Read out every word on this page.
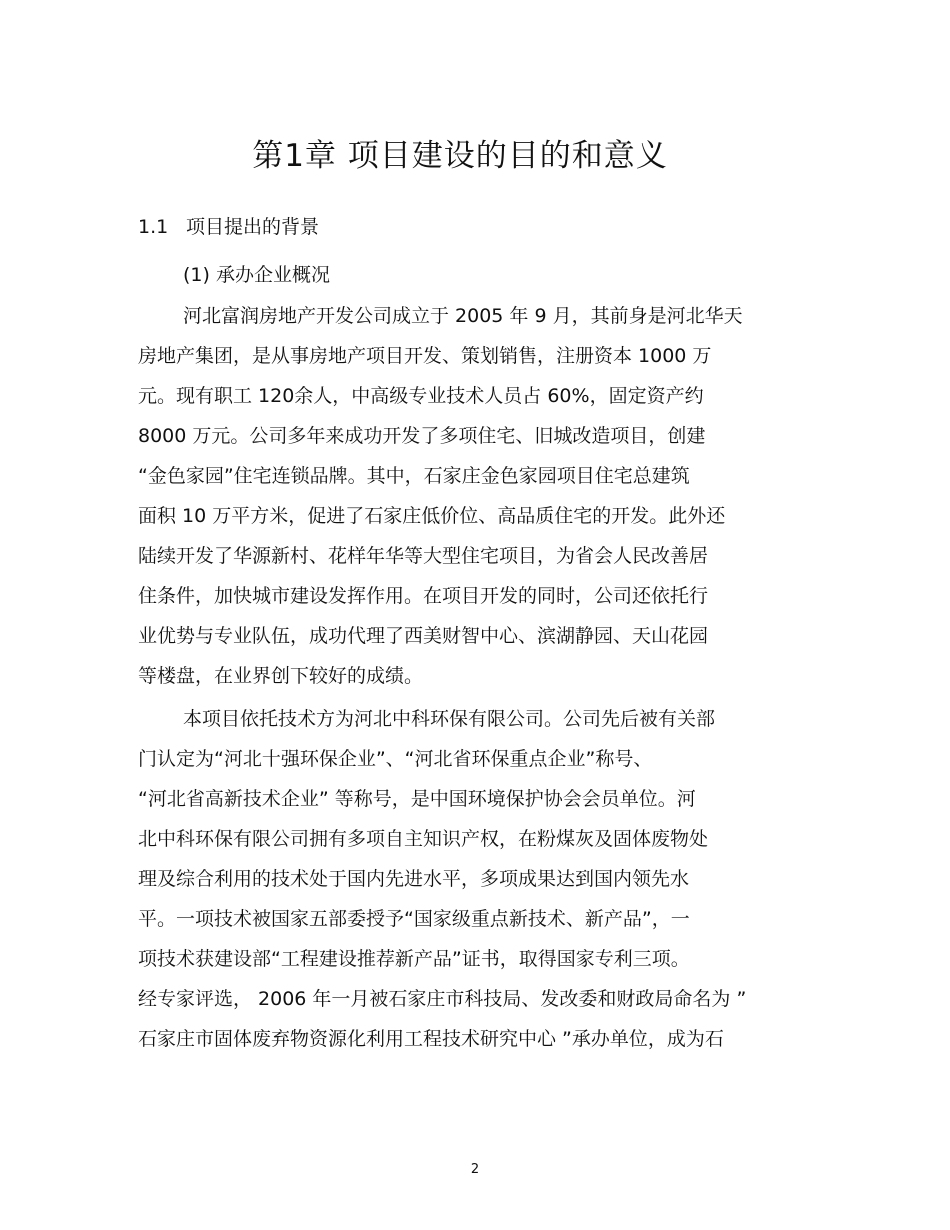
第1章 项目建设的目的和意义
1.1 项目提出的背景
(1) 承办企业概况
河北富润房地产开发公司成立于 2005 年 9 月，其前身是河北华天
房地产集团，是从事房地产项目开发、策划销售，注册资本 1000 万
元。现有职工 120余人，中高级专业技术人员占 60%，固定资产约
8000 万元。公司多年来成功开发了多项住宅、旧城改造项目，创建
“金色家园”住宅连锁品牌。其中，石家庄金色家园项目住宅总建筑
面积 10 万平方米，促进了石家庄低价位、高品质住宅的开发。此外还
陆续开发了华源新村、花样年华等大型住宅项目，为省会人民改善居
住条件，加快城市建设发挥作用。在项目开发的同时，公司还依托行
业优势与专业队伍，成功代理了西美财智中心、滨湖静园、天山花园
等楼盘，在业界创下较好的成绩。
本项目依托技术方为河北中科环保有限公司。公司先后被有关部
门认定为“河北十强环保企业”、“河北省环保重点企业”称号、
“河北省高新技术企业” 等称号，是中国环境保护协会会员单位。河
北中科环保有限公司拥有多项自主知识产权，在粉煤灰及固体废物处
理及综合利用的技术处于国内先进水平，多项成果达到国内领先水
平。一项技术被国家五部委授予“国家级重点新技术、新产品”，一
项技术获建设部“工程建设推荐新产品”证书，取得国家专利三项。
经专家评选， 2006 年一月被石家庄市科技局、发改委和财政局命名为 ”
石家庄市固体废弃物资源化利用工程技术研究中心 ”承办单位，成为石
2
